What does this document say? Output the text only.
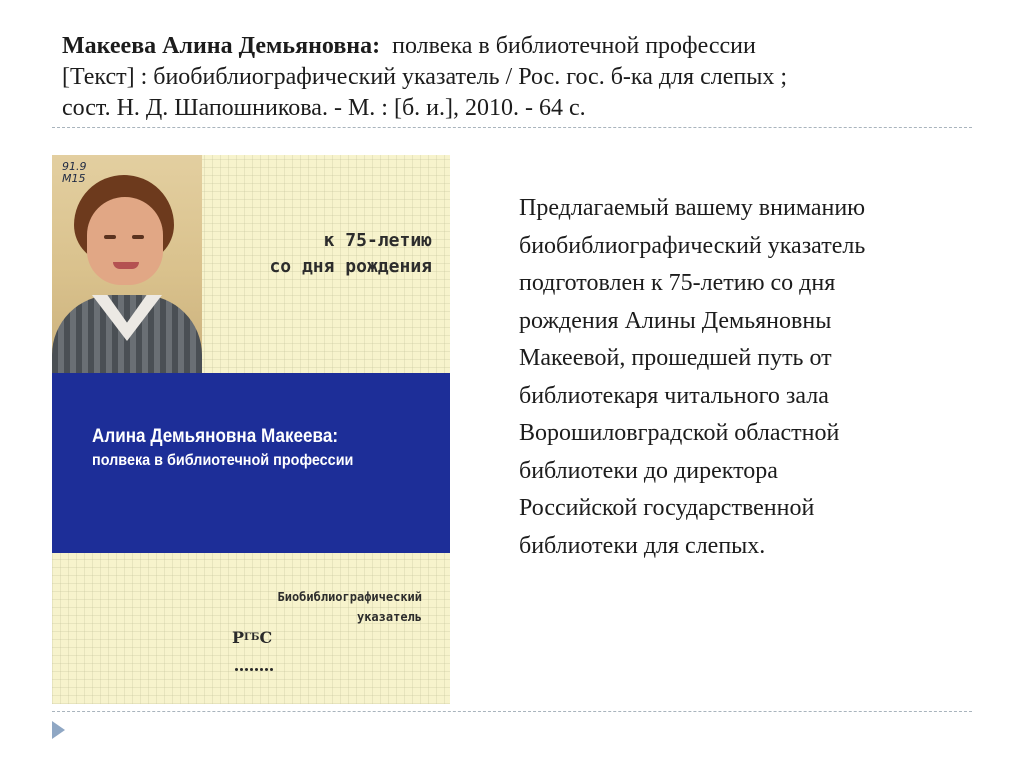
Макеева Алина Демьяновна: полвека в библиотечной профессии
[Текст] : биобиблиографический указатель / Рос. гос. б-ка для слепых ;
сост. Н. Д. Шапошникова. - М. : [б. и.], 2010. - 64 с.
91.9
М15
к 75-летию
со дня рождения
Алина Демьяновна Макеева:
полвека в библиотечной профессии
Биобиблиографический
указатель
$Р^{ГБ}С$
Предлагаемый вашему вниманию
биобиблиографический указатель
подготовлен к 75-летию со дня
рождения Алины Демьяновны
Макеевой, прошедшей путь от
библиотекаря читального зала
Ворошиловградской областной
библиотеки до директора
Российской государственной
библиотеки для слепых.
